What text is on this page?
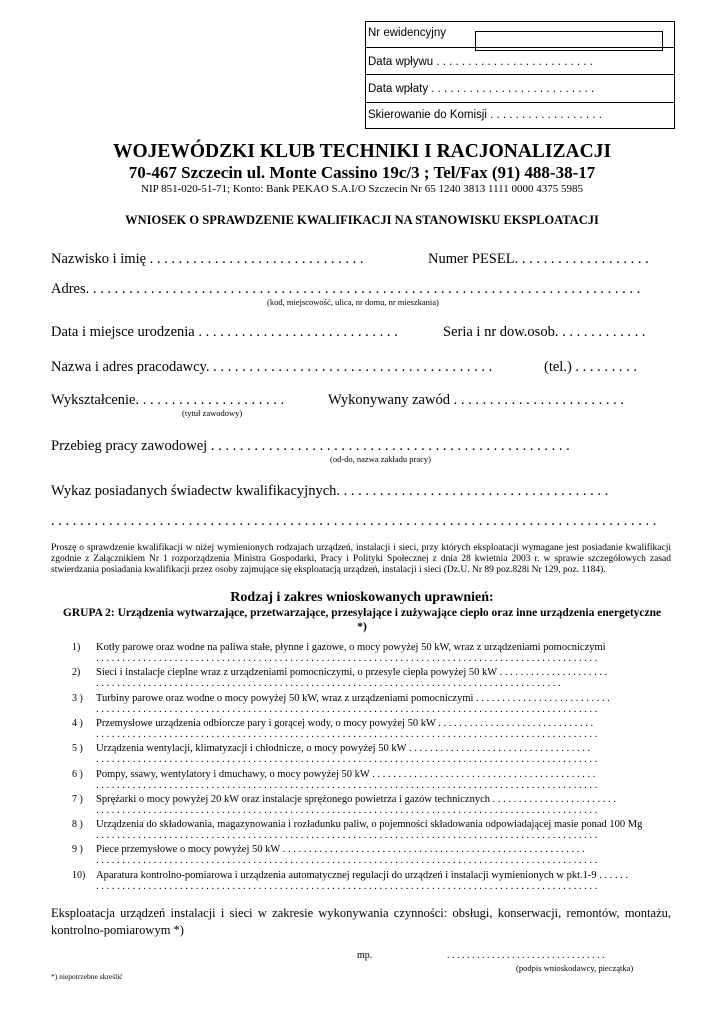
Nr ewidencyjny
Data wpływu . . . . . . . . . . . . . . . . . . . . . . . . .
Data wpłaty . . . . . . . . . . . . . . . . . . . . . . . . . .
Skierowanie do Komisji . . . . . . . . . . . . . . . . . .
WOJEWÓDZKI KLUB TECHNIKI I RACJONALIZACJI
70-467 Szczecin ul. Monte Cassino 19c/3 ; Tel/Fax (91) 488-38-17
NIP 851-020-51-71; Konto: Bank PEKAO S.A.I/O Szczecin Nr 65 1240 3813 1111 0000 4375 5985
WNIOSEK O SPRAWDZENIE KWALIFIKACJI NA STANOWISKU EKSPLOATACJI
Nazwisko i imię . . . . . . . . . . . . . . . . . . . . . . . . . . . . . .	Numer PESEL. . . . . . . . . . . . . . . . . . .
Adres. . . . . . . . . . . . . . . . . . . . . . . . . . . . . . . . . . . . . . . . . . . . . . . . . . . . . . . . . . . . . . . . . . . . . . . . . . . . .
(kod, miejscowość, ulica, nr domu, nr mieszkania)
Data i miejsce urodzenia . . . . . . . . . . . . . . . . . . . . . . . . . . . .	Seria i nr dow.osob. . . . . . . . . . . . .
Nazwa i adres pracodawcy. . . . . . . . . . . . . . . . . . . . . . . . . . . . . . . . . . . . . . . .	(tel.) . . . . . . . . .
Wykształcenie. . . . . . . . . . . . . . . . . . . . .
(tytuł zawodowy)
Wykonywany zawód . . . . . . . . . . . . . . . . . . . . . . . .
Przebieg pracy zawodowej . . . . . . . . . . . . . . . . . . . . . . . . . . . . . . . . . . . . . . . . . . . . . . . . . .
(od-do, nazwa zakładu pracy)
Wykaz posiadanych świadectw kwalifikacyjnych. . . . . . . . . . . . . . . . . . . . . . . . . . . . . . . . . . . . . .
. . . . . . . . . . . . . . . . . . . . . . . . . . . . . . . . . . . . . . . . . . . . . . . . . . . . . . . . . . . . . . . . . . . . . . . . . . . . . . . . . . . .
Proszę o sprawdzenie kwalifikacji w niżej wymienionych rodzajach urządzeń, instalacji i sieci, przy których eksploatacji wymagane jest posiadanie kwalifikacji zgodnie z Załącznikiem Nr 1 rozporządzenia Ministra Gospodarki, Pracy i Polityki Społecznej z dnia 28 kwietnia 2003 r. w sprawie szczegółowych zasad stwierdzania posiadania kwalifikacji przez osoby zajmujące się eksploatacją urządzeń, instalacji i sieci (Dz.U. Nr 89 poz.828i Nr 129, poz. 1184).
Rodzaj i zakres wnioskowanych uprawnień:
GRUPA 2: Urządzenia wytwarzające, przetwarzające, przesyłające i zużywające ciepło oraz inne urządzenia energetyczne *)
1) Kotły parowe oraz wodne na paliwa stałe, płynne i gazowe, o mocy powyżej 50 kW, wraz z urządzeniami pomocniczymi
. . . . . . . . . . . . . . . . . . . . . . . . . . . . . . . . . . . . . . . . . . . . . . . . . . . . . . . . . . . . . . . . . . . . . . . . . . . . . . . . . . . . . . . . . . . . . . . .
2) Sieci i instalacje cieplne wraz z urządzeniami pomocniczymi, o przesyle ciepła powyżej 50 kW . . . . . . . . . . . . . . . . . . . . .
. . . . . . . . . . . . . . . . . . . . . . . . . . . . . . . . . . . . . . . . . . . . . . . . . . . . . . . . . . . . . . . . . . . . . . . . . . . . . . . . . . . . . . . . .
3 ) Turbiny parowe oraz wodne o mocy powyżej 50 kW, wraz z urządzeniami pomocniczymi . . . . . . . . . . . . . . . . . . . . . . . . . .
. . . . . . . . . . . . . . . . . . . . . . . . . . . . . . . . . . . . . . . . . . . . . . . . . . . . . . . . . . . . . . . . . . . . . . . . . . . . . . . . . . . . . . . . . . . . . . . .
4 ) Przemysłowe urządzenia odbiorcze pary i gorącej wody, o mocy powyżej 50 kW . . . . . . . . . . . . . . . . . . . . . . . . . . . . . .
. . . . . . . . . . . . . . . . . . . . . . . . . . . . . . . . . . . . . . . . . . . . . . . . . . . . . . . . . . . . . . . . . . . . . . . . . . . . . . . . . . . . . . . . . . . . . . . .
5 ) Urządzenia wentylacji, klimatyzacji i chłodnicze, o mocy powyżej 50 kW . . . . . . . . . . . . . . . . . . . . . . . . . . . . . . . . . . .
. . . . . . . . . . . . . . . . . . . . . . . . . . . . . . . . . . . . . . . . . . . . . . . . . . . . . . . . . . . . . . . . . . . . . . . . . . . . . . . . . . . . . . . . . . . . . . . .
6 ) Pompy, ssawy, wentylatory i dmuchawy, o mocy powyżej 50 kW . . . . . . . . . . . . . . . . . . . . . . . . . . . . . . . . . . . . . . . . . . .
. . . . . . . . . . . . . . . . . . . . . . . . . . . . . . . . . . . . . . . . . . . . . . . . . . . . . . . . . . . . . . . . . . . . . . . . . . . . . . . . . . . . . . . . . . . . . . . .
7 ) Sprężarki o mocy powyżej 20 kW oraz instalacje sprężonego powietrza i gazów technicznych . . . . . . . . . . . . . . . . . . . . . . . .
. . . . . . . . . . . . . . . . . . . . . . . . . . . . . . . . . . . . . . . . . . . . . . . . . . . . . . . . . . . . . . . . . . . . . . . . . . . . . . . . . . . . . . . . . . . . . . . .
8 ) Urządzenia do składowania, magazynowania i rozładunku paliw, o pojemności składowania odpowiadającej masie ponad 100 Mg
. . . . . . . . . . . . . . . . . . . . . . . . . . . . . . . . . . . . . . . . . . . . . . . . . . . . . . . . . . . . . . . . . . . . . . . . . . . . . . . . . . . . . . . . . . . . . . . .
9 ) Piece przemysłowe o mocy powyżej 50 kW . . . . . . . . . . . . . . . . . . . . . . . . . . . . . . . . . . . . . . . . . . . . . . . . . . . . . . . . . .
. . . . . . . . . . . . . . . . . . . . . . . . . . . . . . . . . . . . . . . . . . . . . . . . . . . . . . . . . . . . . . . . . . . . . . . . . . . . . . . . . . . . . . . . . . . . . . . .
10) Aparatura kontrolno-pomiarowa i urządzenia automatycznej regulacji do urządzeń i instalacji wymienionych w pkt.1-9 . . . . . .
. . . . . . . . . . . . . . . . . . . . . . . . . . . . . . . . . . . . . . . . . . . . . . . . . . . . . . . . . . . . . . . . . . . . . . . . . . . . . . . . . . . . . . . . . . . . . . . .
Eksploatacja urządzeń instalacji i sieci w zakresie wykonywania czynności: obsługi, konserwacji, remontów, montażu, kontrolno-pomiarowym *)
mp.	. . . . . . . . . . . . . . . . . . . . . . . . . . . . . . . .
(podpis wnioskodawcy, pieczątka)
*) niepotrzebne skreślić
